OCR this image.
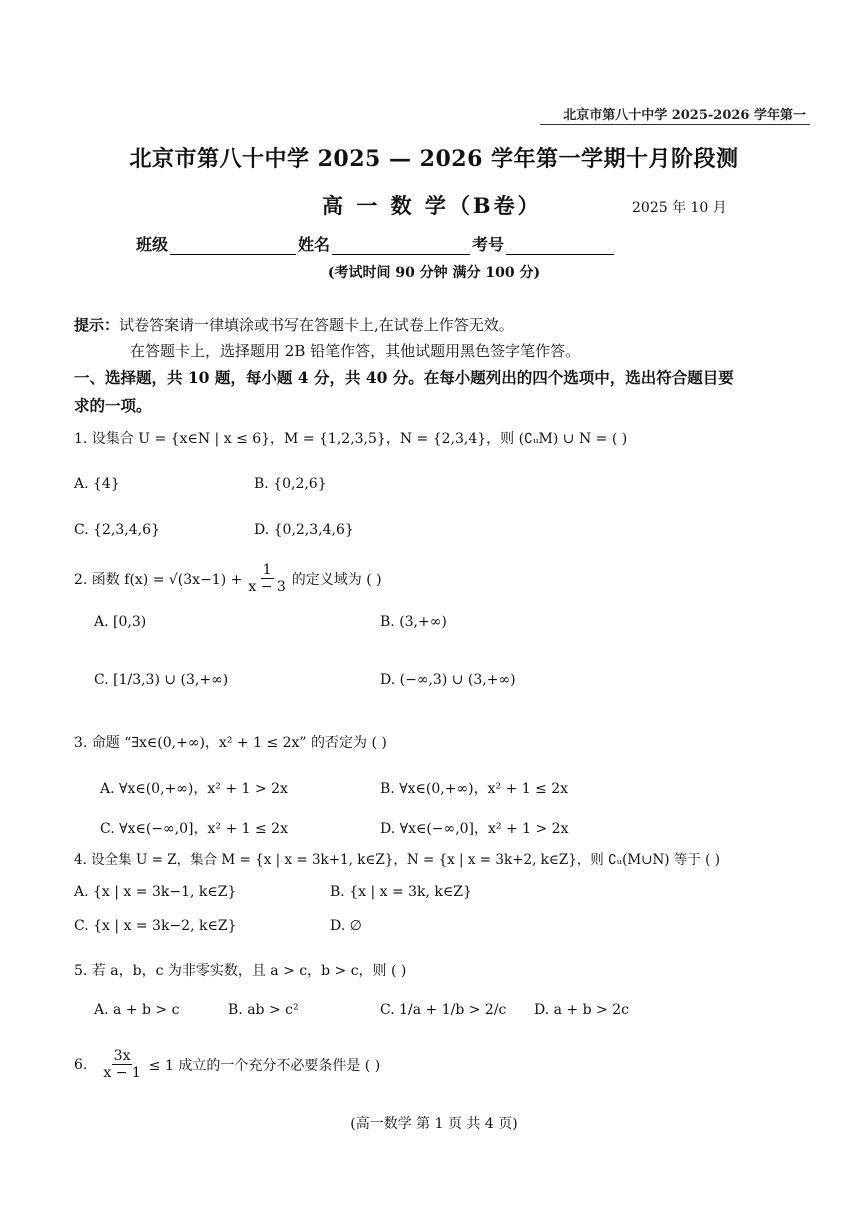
北京市第八十中学 2025-2026 学年第一
北京市第八十中学 2025 — 2026 学年第一学期十月阶段测
高 一 数 学（B卷）	2025 年 10 月
班级	姓名	考号
(考试时间 90 分钟 满分 100 分)
提示：试卷答案请一律填涂或书写在答题卡上,在试卷上作答无效。
在答题卡上，选择题用 2B 铅笔作答，其他试题用黑色签字笔作答。
一、选择题，共 10 题，每小题 4 分，共 40 分。在每小题列出的四个选项中，选出符合题目要
求的一项。
1. 设集合 U = {x∈N | x ≤ 6}，M = {1,2,3,5}，N = {2,3,4}，则 (∁ᵤM) ∪ N = ( )
A. {4}	B. {0,2,6}
C. {2,3,4,6}	D. {0,2,3,4,6}
2. 函数 $f(x) = √(3x-1) + \frac{1}{x - 3}$ 的定义域为 ( )
A. [0,3)	B. (3,+∞)
C. [1/3,3) ∪ (3,+∞)	D. (−∞,3) ∪ (3,+∞)
3. 命题 “∃x∈(0,+∞)，x² + 1 ≤ 2x” 的否定为 ( )
A. ∀x∈(0,+∞)，x² + 1 > 2x	B. ∀x∈(0,+∞)，x² + 1 ≤ 2x
C. ∀x∈(−∞,0]，x² + 1 ≤ 2x	D. ∀x∈(−∞,0]，x² + 1 > 2x
4. 设全集 U = Z，集合 M = {x | x = 3k+1, k∈Z}，N = {x | x = 3k+2, k∈Z}，则 ∁ᵤ(M∪N) 等于 ( )
A. {x | x = 3k−1, k∈Z}	B. {x | x = 3k, k∈Z}
C. {x | x = 3k−2, k∈Z}	D. ∅
5. 若 a，b，c 为非零实数，且 a > c，b > c，则 ( )
A. a + b > c	B. ab > c²	C. 1/a + 1/b > 2/c D. a + b > 2c
6. $\frac{3x}{x - 1} \le 1$ 成立的一个充分不必要条件是 ( )
(高一数学 第 1 页 共 4 页)
